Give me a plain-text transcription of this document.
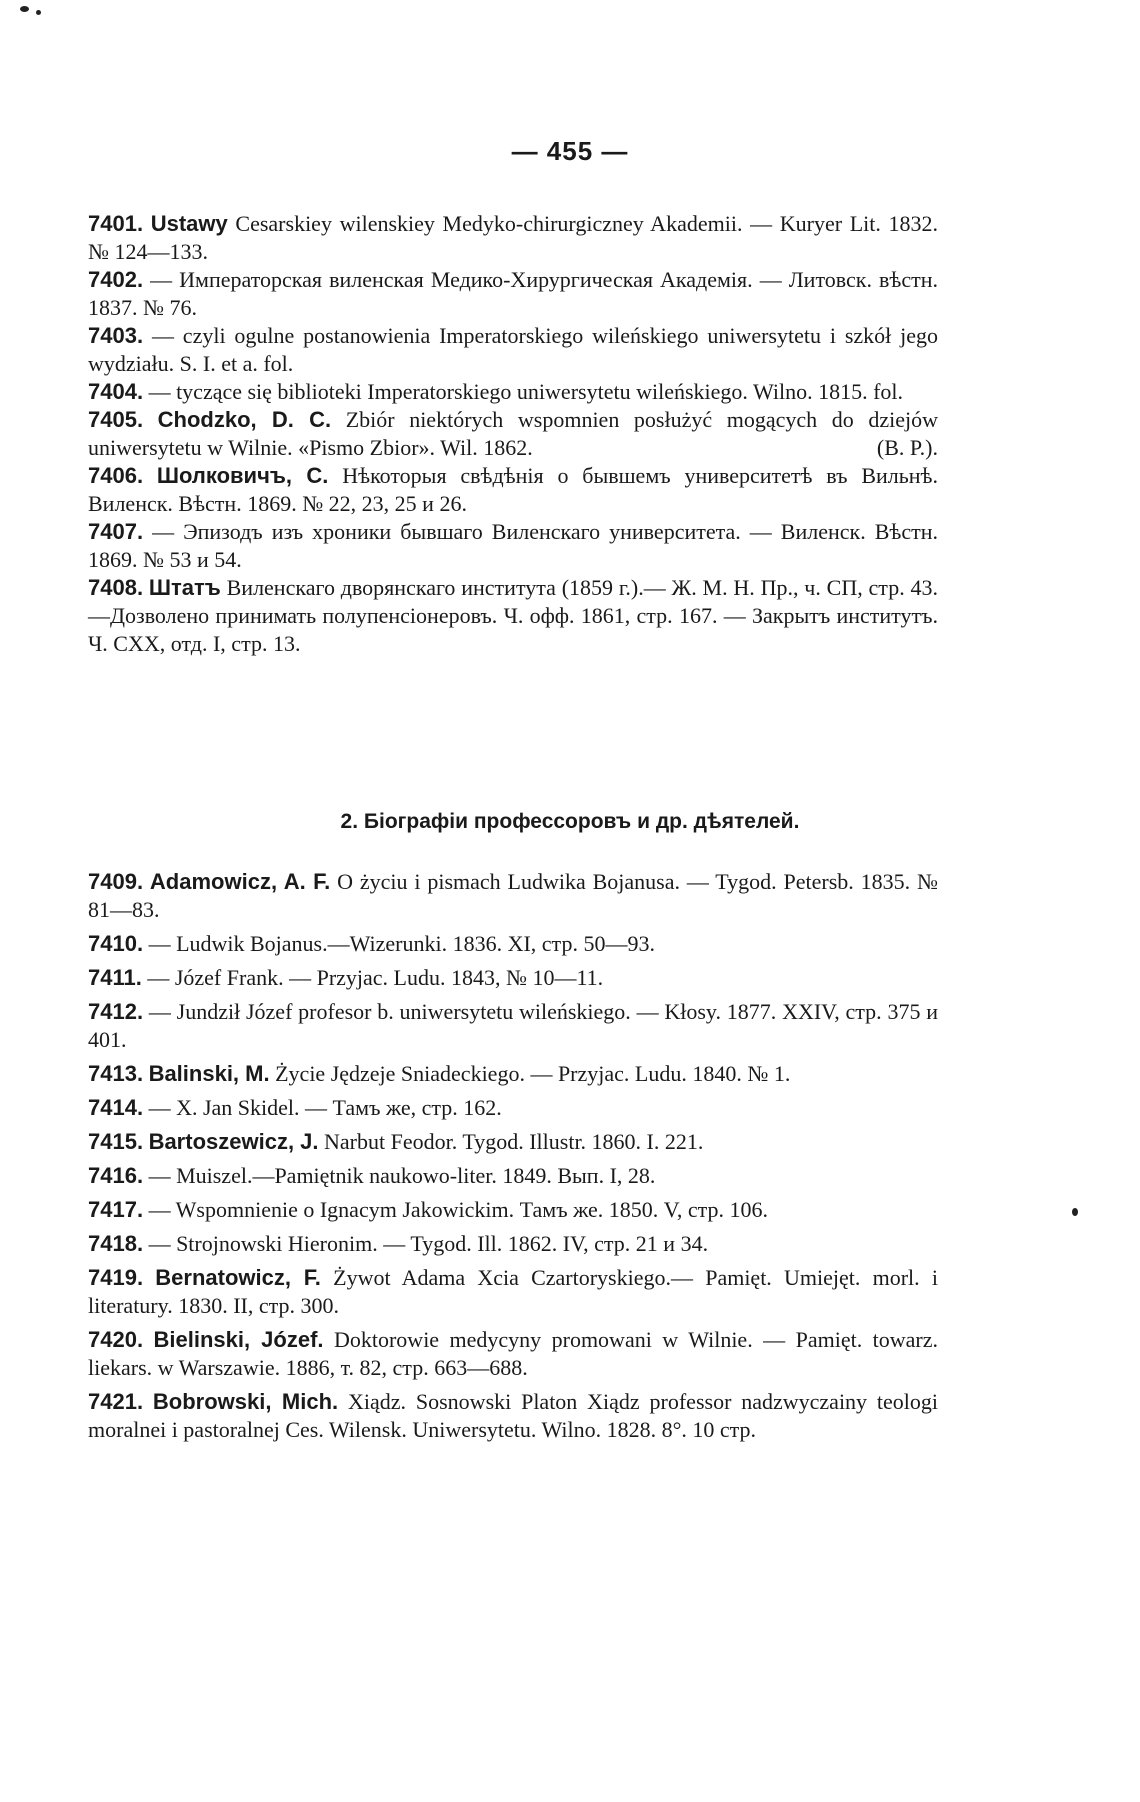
— 455 —

7401. Ustawy Cesarskiey wilenskiey Medyko-chirurgiczney Akademii. — Kuryer Lit. 1832. № 124—133.

7402. — Императорская виленская Медико-Хирургическая Академія. — Литовск. вѣстн. 1837. № 76.

7403. — czyli ogulne postanowienia Imperatorskiego wileńskiego uniwersytetu i szkół jego wydziału. S. I. et a. fol.

7404. — tyczące się biblioteki Imperatorskiego uniwersytetu wileńskiego. Wilno. 1815. fol.

7405. Chodzko, D. C. Zbiór niektórych wspomnien posłużyć mogących do dziejów uniwersytetu w Wilnie. «Pismo Zbior». Wil. 1862.	(B. P.).

7406. Шолковичъ, С. Нѣкоторыя свѣдѣнія о бывшемъ университетѣ въ Вильнѣ. Виленск. Вѣстн. 1869. № 22, 23, 25 и 26.

7407. — Эпизодъ изъ хроники бывшаго Виленскаго университета. — Виленск. Вѣстн. 1869. № 53 и 54.

7408. Штатъ Виленскаго дворянскаго института (1859 г.).— Ж. М. Н. Пр., ч. СП, стр. 43.—Дозволено принимать полупенсіонеровъ. Ч. офф. 1861, стр. 167. — Закрытъ институтъ. Ч. CXX, отд. I, стр. 13.

2. Біографіи профессоровъ и др. дѣятелей.

7409. Adamowicz, A. F. O życiu i pismach Ludwika Bojanusa. — Tygod. Petersb. 1835. № 81—83.

7410. — Ludwik Bojanus.—Wizerunki. 1836. XI, стр. 50—93.

7411. — Józef Frank. — Przyjac. Ludu. 1843, № 10—11.

7412. — Jundził Józef profesor b. uniwersytetu wileńskiego. — Kłosy. 1877. XXIV, стр. 375 и 401.

7413. Balinski, M. Życie Jędzeje Sniadeckiego. — Przyjac. Ludu. 1840. № 1.

7414. — X. Jan Skidel. — Тамъ же, стр. 162.

7415. Bartoszewicz, J. Narbut Feodor. Tygod. Illustr. 1860. I. 221.

7416. — Muiszel.—Pamiętnik naukowo-liter. 1849. Вып. I, 28.

7417. — Wspomnienie o Ignacym Jakowickim. Тамъ же. 1850. V, стр. 106.

7418. — Strojnowski Hieronim. — Tygod. Ill. 1862. IV, стр. 21 и 34.

7419. Bernatowicz, F. Żywot Adama Xcia Czartoryskiego.— Pamięt. Umiejęt. morl. i literatury. 1830. II, стр. 300.

7420. Bielinski, Józef. Doktorowie medycyny promowani w Wilnie. — Pamięt. towarz. liekars. w Warszawie. 1886, т. 82, стр. 663—688.

7421. Bobrowski, Mich. Xiądz. Sosnowski Platon Xiądz professor nadzwyczainy teologi moralnei i pastoralnej Ces. Wilensk. Uniwersytetu. Wilno. 1828. 8°. 10 стр.
